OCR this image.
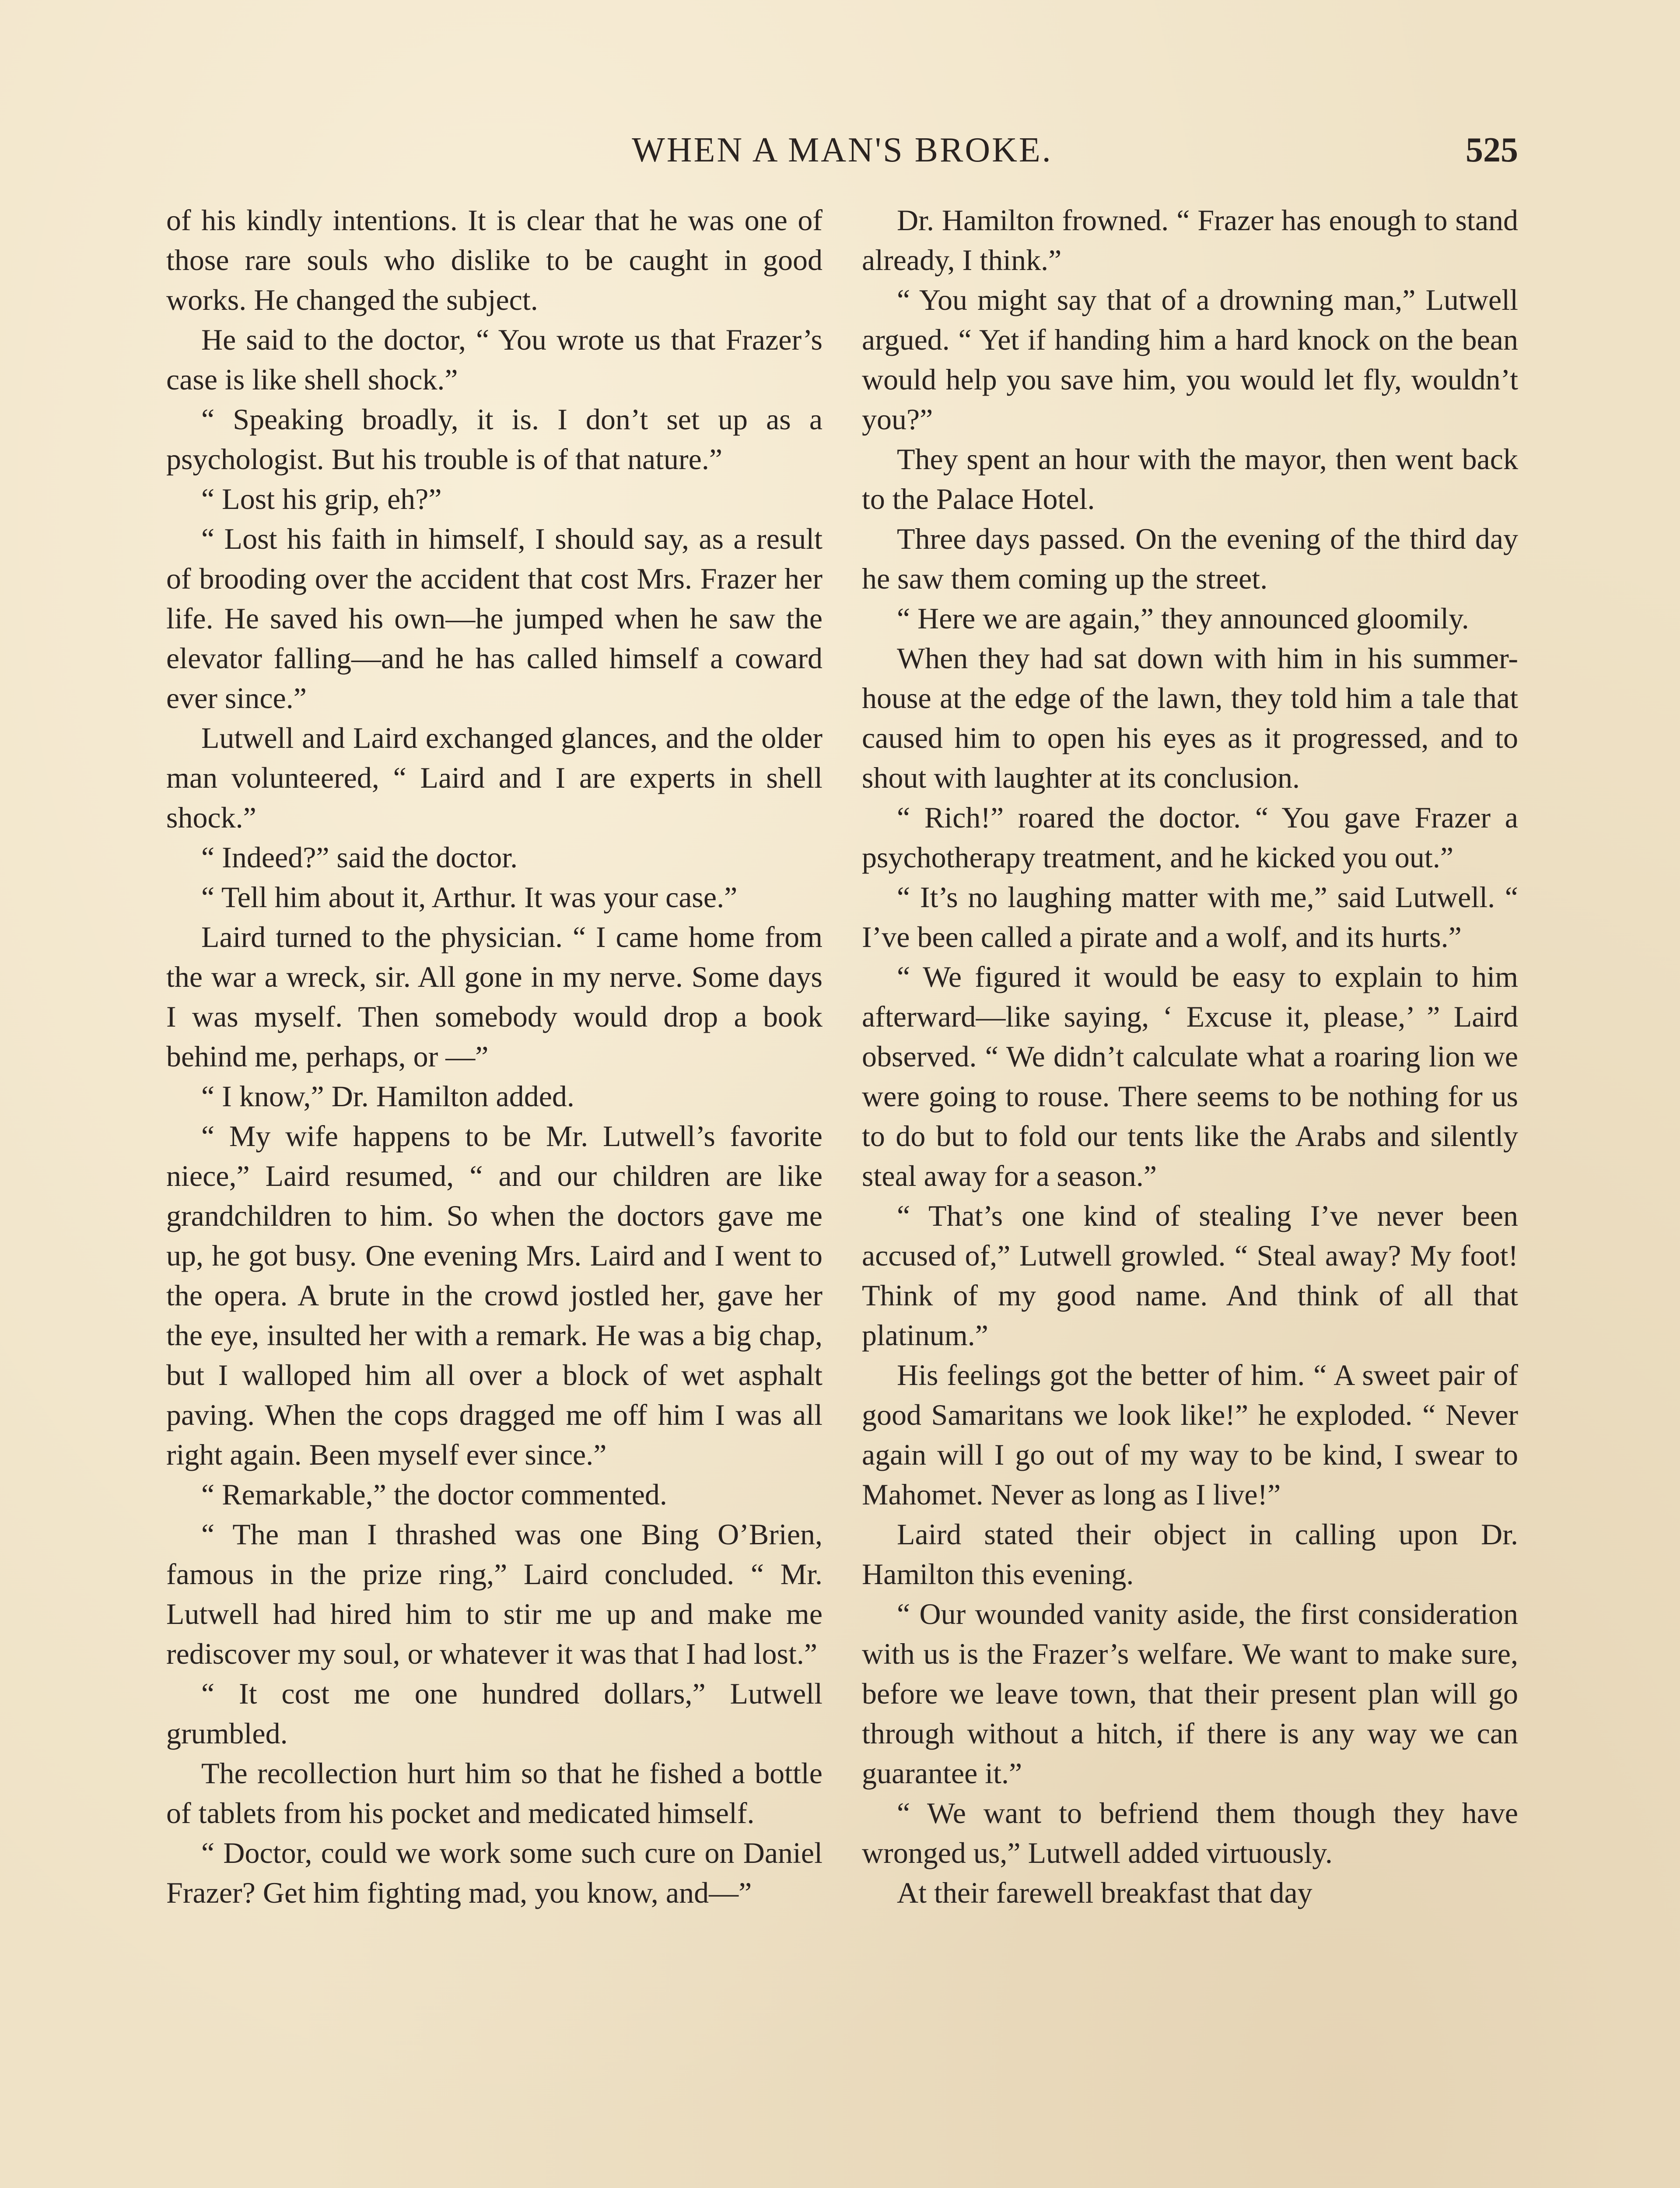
WHEN A MAN'S BROKE.	525

of his kindly intentions. It is clear that he was one of those rare souls who dislike to be caught in good works. He changed the subject.

He said to the doctor, “ You wrote us that Frazer’s case is like shell shock.”

“ Speaking broadly, it is. I don’t set up as a psychologist. But his trouble is of that nature.”

“ Lost his grip, eh?”

“ Lost his faith in himself, I should say, as a result of brooding over the accident that cost Mrs. Frazer her life. He saved his own—he jumped when he saw the elevator falling—and he has called himself a coward ever since.”

Lutwell and Laird exchanged glances, and the older man volunteered, “ Laird and I are experts in shell shock.”

“ Indeed?” said the doctor.

“ Tell him about it, Arthur. It was your case.”

Laird turned to the physician. “ I came home from the war a wreck, sir. All gone in my nerve. Some days I was myself. Then somebody would drop a book behind me, perhaps, or —”

“ I know,” Dr. Hamilton added.

“ My wife happens to be Mr. Lutwell’s favorite niece,” Laird resumed, “ and our children are like grandchildren to him. So when the doctors gave me up, he got busy. One evening Mrs. Laird and I went to the opera. A brute in the crowd jostled her, gave her the eye, insulted her with a remark. He was a big chap, but I walloped him all over a block of wet asphalt paving. When the cops dragged me off him I was all right again. Been myself ever since.”

“ Remarkable,” the doctor commented.

“ The man I thrashed was one Bing O’Brien, famous in the prize ring,” Laird concluded. “ Mr. Lutwell had hired him to stir me up and make me rediscover my soul, or whatever it was that I had lost.”

“ It cost me one hundred dollars,” Lutwell grumbled.

The recollection hurt him so that he fished a bottle of tablets from his pocket and medicated himself.

“ Doctor, could we work some such cure on Daniel Frazer? Get him fighting mad, you know, and—”

Dr. Hamilton frowned. “ Frazer has enough to stand already, I think.”

“ You might say that of a drowning man,” Lutwell argued. “ Yet if handing him a hard knock on the bean would help you save him, you would let fly, wouldn’t you?”

They spent an hour with the mayor, then went back to the Palace Hotel.

Three days passed. On the evening of the third day he saw them coming up the street.

“ Here we are again,” they announced gloomily.

When they had sat down with him in his summer-house at the edge of the lawn, they told him a tale that caused him to open his eyes as it progressed, and to shout with laughter at its conclusion.

“ Rich!” roared the doctor. “ You gave Frazer a psychotherapy treatment, and he kicked you out.”

“ It’s no laughing matter with me,” said Lutwell. “ I’ve been called a pirate and a wolf, and its hurts.”

“ We figured it would be easy to explain to him afterward—like saying, ‘ Excuse it, please,’ ” Laird observed. “ We didn’t calculate what a roaring lion we were going to rouse. There seems to be nothing for us to do but to fold our tents like the Arabs and silently steal away for a season.”

“ That’s one kind of stealing I’ve never been accused of,” Lutwell growled. “ Steal away? My foot! Think of my good name. And think of all that platinum.”

His feelings got the better of him. “ A sweet pair of good Samaritans we look like!” he exploded. “ Never again will I go out of my way to be kind, I swear to Mahomet. Never as long as I live!”

Laird stated their object in calling upon Dr. Hamilton this evening.

“ Our wounded vanity aside, the first consideration with us is the Frazer’s welfare. We want to make sure, before we leave town, that their present plan will go through without a hitch, if there is any way we can guarantee it.”

“ We want to befriend them though they have wronged us,” Lutwell added virtuously.

At their farewell breakfast that day
